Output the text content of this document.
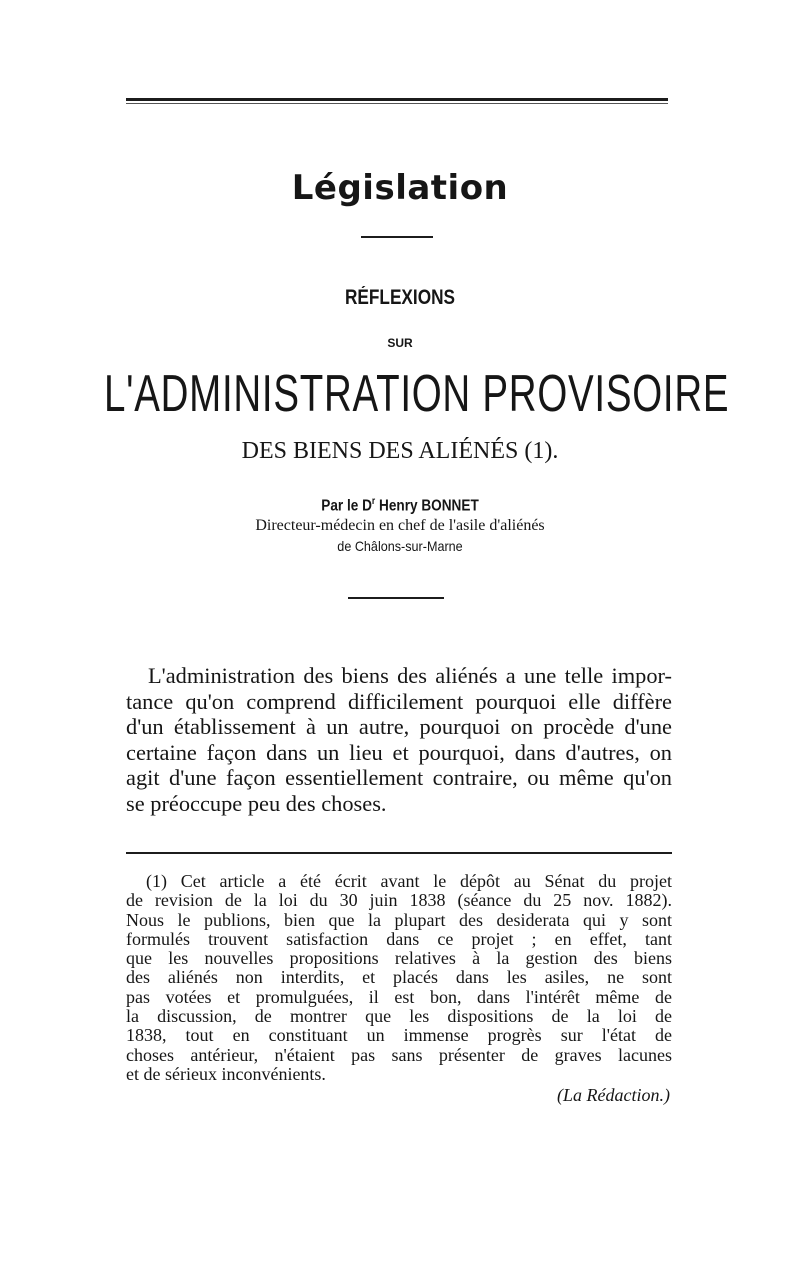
Législation
RÉFLEXIONS
SUR
L'ADMINISTRATION PROVISOIRE
DES BIENS DES ALIÉNÉS (1).
Par le $D^r$ Henry BONNET
Directeur-médecin en chef de l'asile d'aliénés
de Châlons-sur-Marne
L'administration des biens des aliénés a une telle impor-
tance qu'on comprend difficilement pourquoi elle diffère
d'un établissement à un autre, pourquoi on procède d'une
certaine façon dans un lieu et pourquoi, dans d'autres, on
agit d'une façon essentiellement contraire, ou même qu'on
se préoccupe peu des choses.
(1) Cet article a été écrit avant le dépôt au Sénat du projet
de revision de la loi du 30 juin 1838 (séance du 25 nov. 1882).
Nous le publions, bien que la plupart des desiderata qui y sont
formulés trouvent satisfaction dans ce projet ; en effet, tant
que les nouvelles propositions relatives à la gestion des biens
des aliénés non interdits, et placés dans les asiles, ne sont
pas votées et promulguées, il est bon, dans l'intérêt même de
la discussion, de montrer que les dispositions de la loi de
1838, tout en constituant un immense progrès sur l'état de
choses antérieur, n'étaient pas sans présenter de graves lacunes
et de sérieux inconvénients.
(La Rédaction.)
